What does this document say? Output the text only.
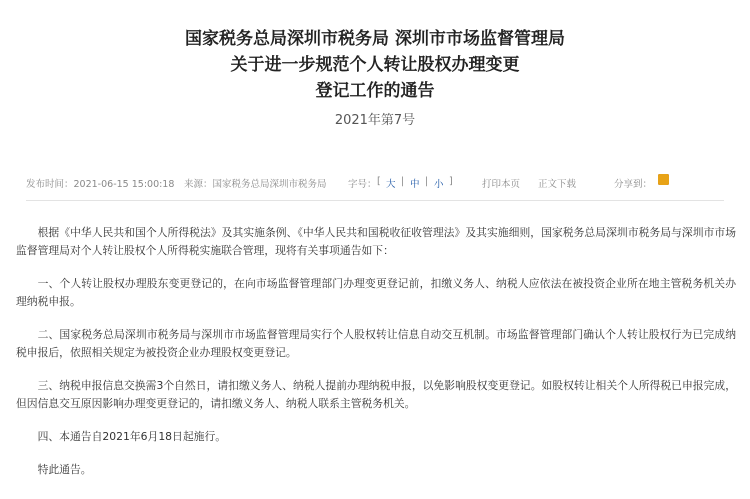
国家税务总局深圳市税务局 深圳市市场监督管理局
关于进一步规范个人转让股权办理变更
登记工作的通告
2021年第7号
发布时间：2021-06-15 15:00:18 来源：国家税务总局深圳市税务局 字号： [ 大 | 中 | 小 ]	打印本页 正文下载	分享到：

根据《中华人民共和国个人所得税法》及其实施条例、《中华人民共和国税收征收管理法》及其实施细则，国家税务总局深圳市税务局与深圳市市场监督管理局对个人转让股权个人所得税实施联合管理，现将有关事项通告如下：

一、个人转让股权办理股东变更登记的，在向市场监督管理部门办理变更登记前，扣缴义务人、纳税人应依法在被投资企业所在地主管税务机关办理纳税申报。

二、国家税务总局深圳市税务局与深圳市市场监督管理局实行个人股权转让信息自动交互机制。市场监督管理部门确认个人转让股权行为已完成纳税申报后，依照相关规定为被投资企业办理股权变更登记。

三、纳税申报信息交换需3个自然日，请扣缴义务人、纳税人提前办理纳税申报，以免影响股权变更登记。如股权转让相关个人所得税已申报完成，但因信息交互原因影响办理变更登记的，请扣缴义务人、纳税人联系主管税务机关。

四、本通告自2021年6月18日起施行。

特此通告。
